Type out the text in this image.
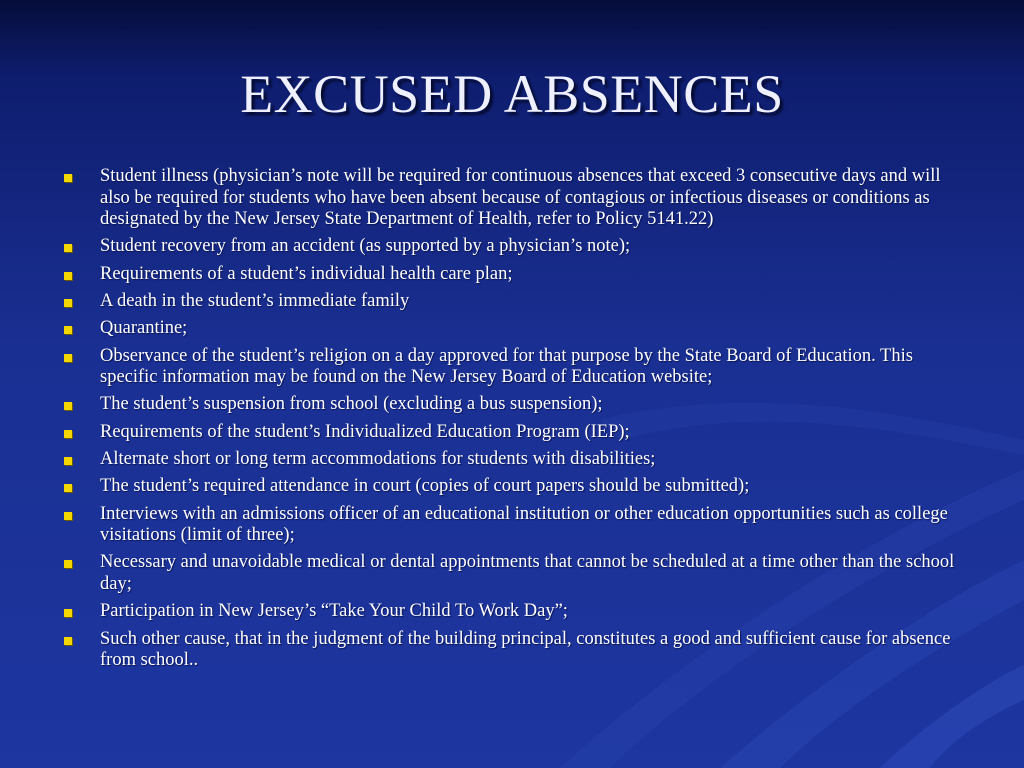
EXCUSED ABSENCES
Student illness (physician’s note will be required for continuous absences that exceed 3 consecutive days and will also be required for students who have been absent because of contagious or infectious diseases or conditions as designated by the New Jersey State Department of Health, refer to Policy 5141.22)
Student recovery from an accident (as supported by a physician’s note);
Requirements of a student’s individual health care plan;
A death in the student’s immediate family
Quarantine;
Observance of the student’s religion on a day approved for that purpose by the State Board of Education. This specific information may be found on the New Jersey Board of Education website;
The student’s suspension from school (excluding a bus suspension);
Requirements of the student’s Individualized Education Program (IEP);
Alternate short or long term accommodations for students with disabilities;
The student’s required attendance in court (copies of court papers should be submitted);
Interviews with an admissions officer of an educational institution or other education opportunities such as college visitations (limit of three);
Necessary and unavoidable medical or dental appointments that cannot be scheduled at a time other than the school day;
Participation in New Jersey’s “Take Your Child To Work Day”;
Such other cause, that in the judgment of the building principal, constitutes a good and sufficient cause for absence from school..
